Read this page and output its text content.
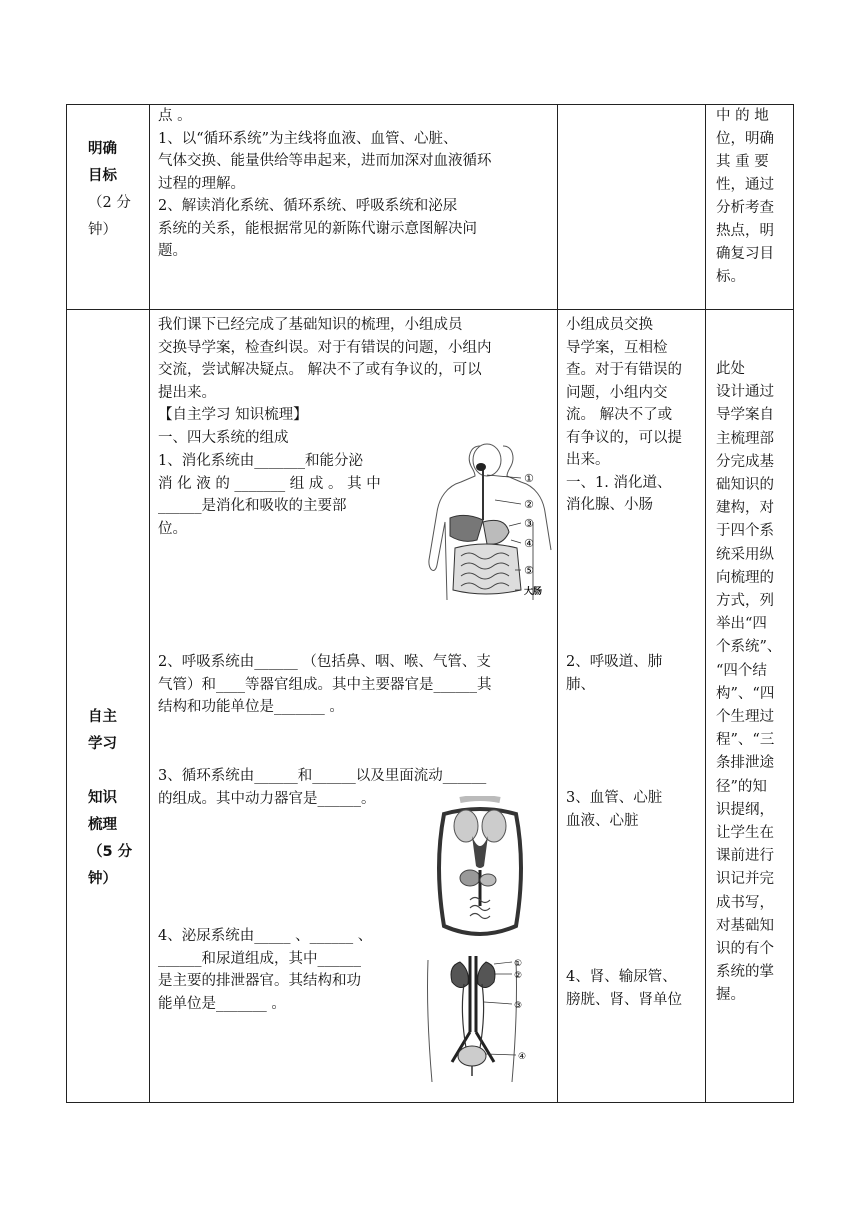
明确
目标
（2 分
钟）
点 。
1、以“循环系统”为主线将血液、血管、心脏、
气体交换、能量供给等串起来，进而加深对血液循环
过程的理解。
2、解读消化系统、循环系统、呼吸系统和泌尿
系统的关系，能根据常见的新陈代谢示意图解决问
题。
中 的 地
位，明确
其 重 要
性，通过
分析考查
热点，明
确复习目
标。
自主
学习
知识
梳理
（5 分
钟）
我们课下已经完成了基础知识的梳理，小组成员
交换导学案，检查纠误。对于有错误的问题，小组内
交流，尝试解决疑点。 解决不了或有争议的，可以
提出来。
【自主学习 知识梳理】
一、四大系统的组成
1、消化系统由_______和能分泌
消 化 液 的 _______ 组 成 。 其 中
______是消化和吸收的主要部
位。
①
②
③
④
⑤
大肠
2、呼吸系统由______ （包括鼻、咽、喉、气管、支
气管）和____等器官组成。其中主要器官是______其
结构和功能单位是_______ 。
3、循环系统由______和______以及里面流动______
的组成。其中动力器官是______。
4、泌尿系统由_____ 、______ 、
______和尿道组成，其中______
是主要的排泄器官。其结构和功
能单位是_______ 。
①
②
③
④
小组成员交换
导学案，互相检
查。对于有错误的
问题，小组内交
流。 解决不了或
有争议的，可以提
出来。
一、1. 消化道、
消化腺、小肠
2、呼吸道、肺
肺、
3、血管、心脏
血液、心脏
4、肾、输尿管、
膀胱、肾、肾单位
此处
设计通过
导学案自
主梳理部
分完成基
础知识的
建构，对
于四个系
统采用纵
向梳理的
方式，列
举出“四
个系统”、
“四个结
构”、“四
个生理过
程”、“三
条排泄途
径”的知
识提纲，
让学生在
课前进行
识记并完
成书写，
对基础知
识的有个
系统的掌
握。
